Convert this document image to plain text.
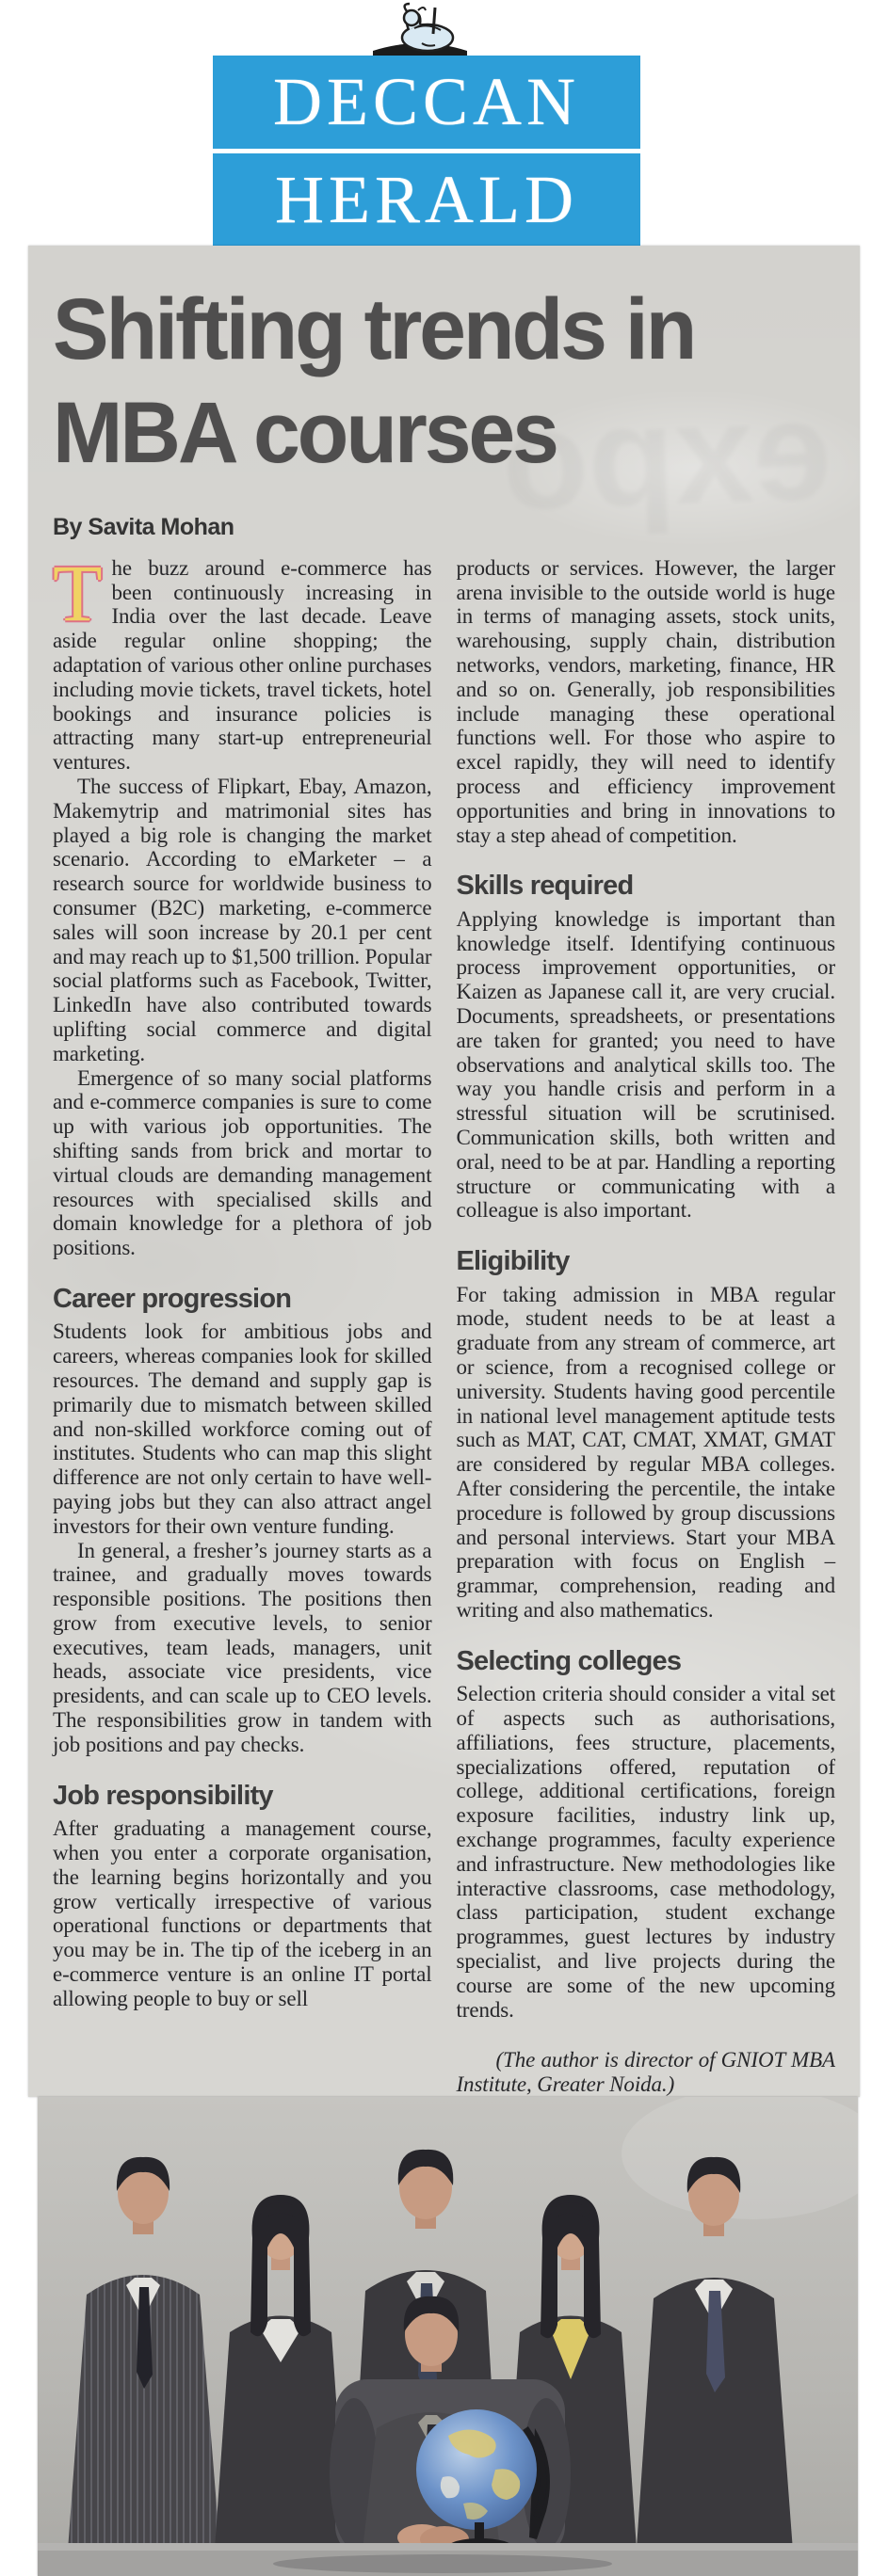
DECCAN
HERALD
expo
Shifting trends in
MBA courses
By Savita Mohan

The buzz around e-commerce has been continuously increasing in India over the last decade. Leave aside regular online shopping; the adaptation of various other online purchases including movie tickets, travel tickets, hotel bookings and insurance policies is attracting many start-up entrepreneurial ventures.

The success of Flipkart, Ebay, Amazon, Makemytrip and matrimonial sites has played a big role is changing the market scenario. According to eMarketer – a research source for worldwide business to consumer (B2C) marketing, e-commerce sales will soon increase by 20.1 per cent and may reach up to $1,500 trillion. Popular social platforms such as Facebook, Twitter, LinkedIn have also contributed towards uplifting social commerce and digital marketing.

Emergence of so many social platforms and e-commerce companies is sure to come up with various job opportunities. The shifting sands from brick and mortar to virtual clouds are demanding management resources with specialised skills and domain knowledge for a plethora of job positions.

Career progression

Students look for ambitious jobs and careers, whereas companies look for skilled resources. The demand and supply gap is primarily due to mismatch between skilled and non-skilled workforce coming out of institutes. Students who can map this slight difference are not only certain to have well-paying jobs but they can also attract angel investors for their own venture funding.

In general, a fresher’s journey starts as a trainee, and gradually moves towards responsible positions. The positions then grow from executive levels, to senior executives, team leads, managers, unit heads, associate vice presidents, vice presidents, and can scale up to CEO levels. The responsibilities grow in tandem with job positions and pay checks.

Job responsibility

After graduating a management course, when you enter a corporate organisation, the learning begins horizontally and you grow vertically irrespective of various operational functions or departments that you may be in. The tip of the iceberg in an e-commerce venture is an online IT portal allowing people to buy or sell

products or services. However, the larger arena invisible to the outside world is huge in terms of managing assets, stock units, warehousing, supply chain, distribution networks, vendors, marketing, finance, HR and so on. Generally, job responsibilities include managing these operational functions well. For those who aspire to excel rapidly, they will need to identify process and efficiency improvement opportunities and bring in innovations to stay a step ahead of competition.

Skills required

Applying knowledge is important than knowledge itself. Identifying continuous process improvement opportunities, or Kaizen as Japanese call it, are very crucial. Documents, spreadsheets, or presentations are taken for granted; you need to have observations and analytical skills too. The way you handle crisis and perform in a stressful situation will be scrutinised. Communication skills, both written and oral, need to be at par. Handling a reporting structure or communicating with a colleague is also important.

Eligibility

For taking admission in MBA regular mode, student needs to be at least a graduate from any stream of commerce, art or science, from a recognised college or university. Students having good percentile in national level management aptitude tests such as MAT, CAT, CMAT, XMAT, GMAT are considered by regular MBA colleges. After considering the percentile, the intake procedure is followed by group discussions and personal interviews. Start your MBA preparation with focus on English – grammar, comprehension, reading and writing and also mathematics.

Selecting colleges

Selection criteria should consider a vital set of aspects such as authorisations, affiliations, fees structure, placements, specializations offered, reputation of college, additional certifications, foreign exposure facilities, industry link up, exchange programmes, faculty experience and infrastructure. New methodologies like interactive classrooms, case methodology, class participation, student exchange programmes, guest lectures by industry specialist, and live projects during the course are some of the new upcoming trends.

(The author is director of GNIOT MBA Institute, Greater Noida.)
